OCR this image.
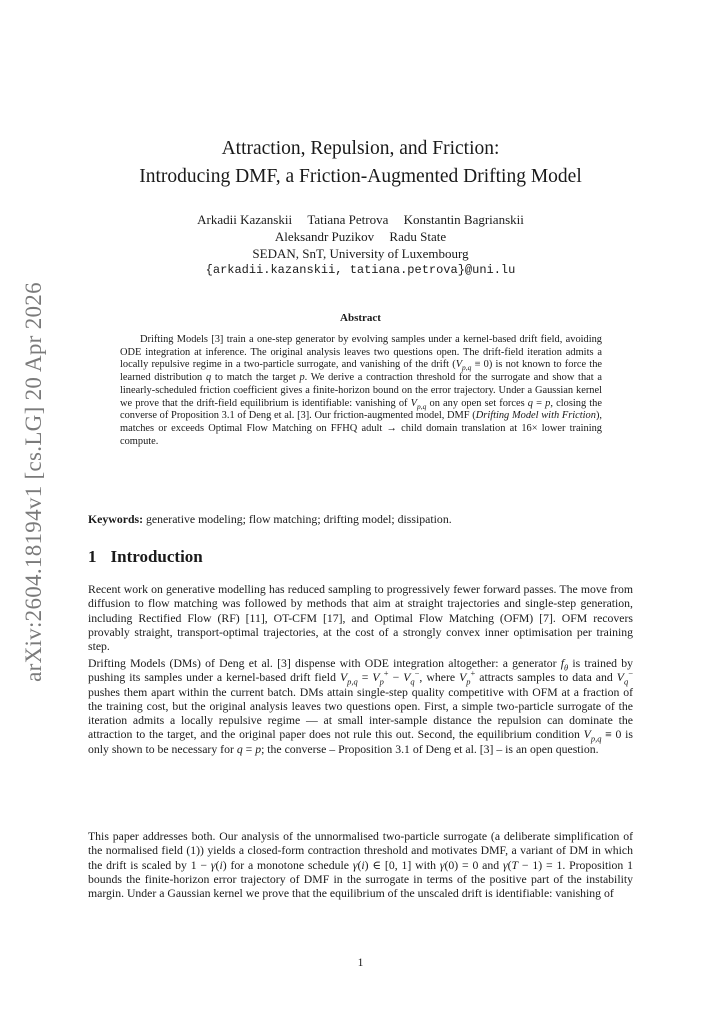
arXiv:2604.18194v1 [cs.LG] 20 Apr 2026
Attraction, Repulsion, and Friction:
Introducing DMF, a Friction-Augmented Drifting Model
Arkadii Kazanskii Tatiana Petrova Konstantin Bagrianskii
Aleksandr Puzikov Radu State
SEDAN, SnT, University of Luxembourg
{arkadii.kazanskii, tatiana.petrova}@uni.lu
Abstract

Drifting Models [3] train a one-step generator by evolving samples under a kernel-based drift field, avoiding ODE integration at inference. The original analysis leaves two questions open. The drift-field iteration admits a locally repulsive regime in a two-particle surrogate, and vanishing of the drift $(V_{p,q} \equiv 0)$ is not known to force the learned distribution q to match the target p. We derive a contraction threshold for the surrogate and show that a linearly-scheduled friction coefficient gives a finite-horizon bound on the error trajectory. Under a Gaussian kernel we prove that the drift-field equilibrium is identifiable: vanishing of $V_{p,q}$ on any open set forces q = p, closing the converse of Proposition 3.1 of Deng et al. [3]. Our friction-augmented model, DMF (Drifting Model with Friction), matches or exceeds Optimal Flow Matching on FFHQ adult → child domain translation at 16× lower training compute.

Keywords: generative modeling; flow matching; drifting model; dissipation.

1 Introduction

Recent work on generative modelling has reduced sampling to progressively fewer forward passes. The move from diffusion to flow matching was followed by methods that aim at straight trajectories and single-step generation, including Rectified Flow (RF) [11], OT-CFM [17], and Optimal Flow Matching (OFM) [7]. OFM recovers provably straight, transport-optimal trajectories, at the cost of a strongly convex inner optimisation per training step.

Drifting Models (DMs) of Deng et al. [3] dispense with ODE integration altogether: a generator $f_\theta$ is trained by pushing its samples under a kernel-based drift field $V_{p,q} = V_p^+ - V_q^-$, where $V_p^+$ attracts samples to data and $V_q^-$ pushes them apart within the current batch. DMs attain single-step quality competitive with OFM at a fraction of the training cost, but the original analysis leaves two questions open. First, a simple two-particle surrogate of the iteration admits a locally repulsive regime — at small inter-sample distance the repulsion can dominate the attraction to the target, and the original paper does not rule this out. Second, the equilibrium condition $V_{p,q} \equiv 0$ is only shown to be necessary for q = p; the converse – Proposition 3.1 of Deng et al. [3] – is an open question.

This paper addresses both. Our analysis of the unnormalised two-particle surrogate (a deliberate simplification of the normalised field (1)) yields a closed-form contraction threshold and motivates DMF, a variant of DM in which the drift is scaled by 1 − γ(i) for a monotone schedule γ(i) ∈ [0, 1] with γ(0) = 0 and γ(T − 1) = 1. Proposition 1 bounds the finite-horizon error trajectory of DMF in the surrogate in terms of the positive part of the instability margin. Under a Gaussian kernel we prove that the equilibrium of the unscaled drift is identifiable: vanishing of

1
